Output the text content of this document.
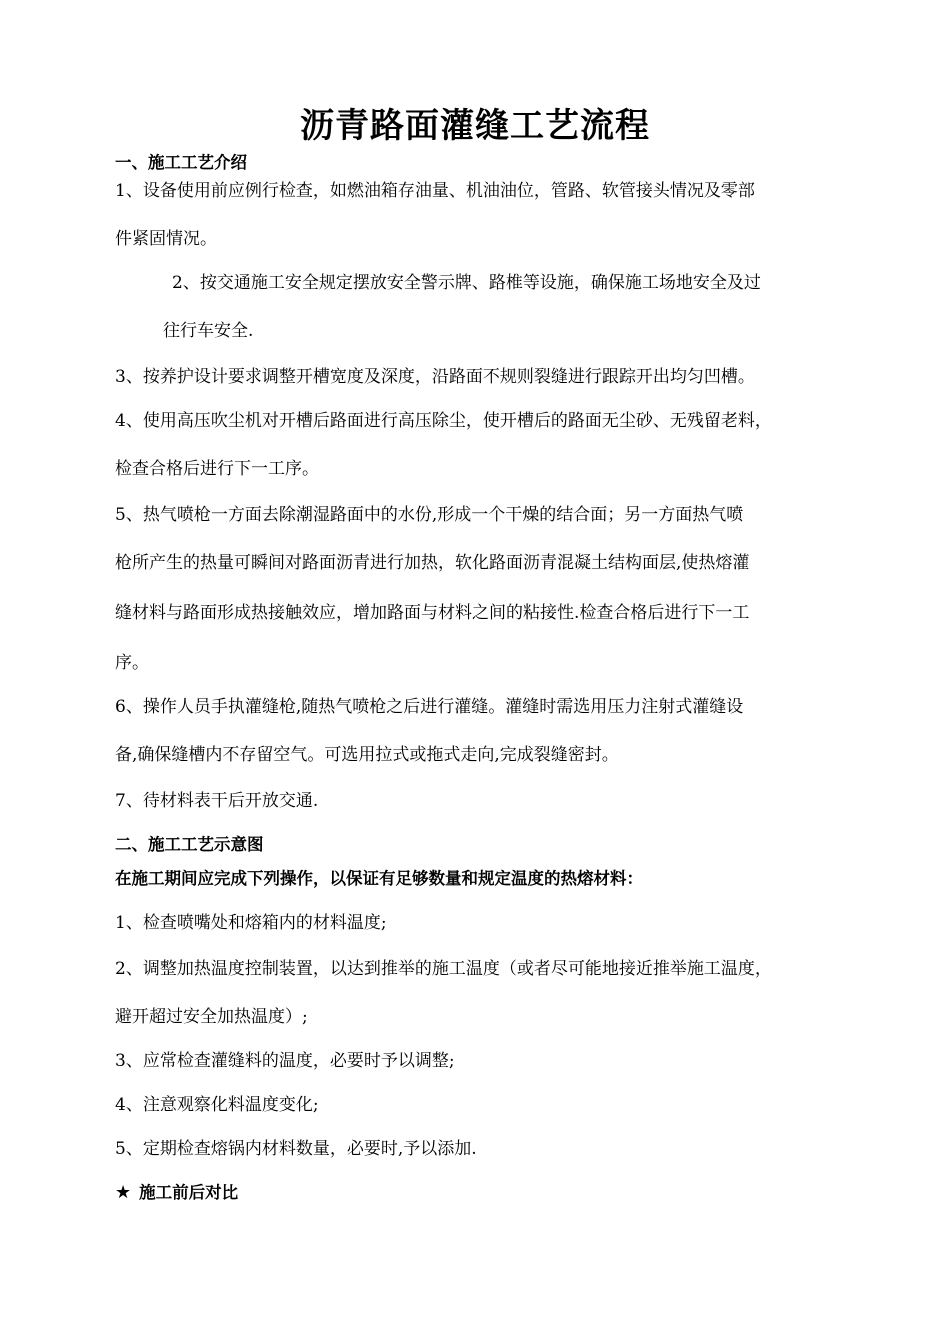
沥青路面灌缝工艺流程
一、施工工艺介绍
1、设备使用前应例行检查，如燃油箱存油量、机油油位，管路、软管接头情况及零部
件紧固情况。
2、按交通施工安全规定摆放安全警示牌、路椎等设施，确保施工场地安全及过
往行车安全.
3、按养护设计要求调整开槽宽度及深度，沿路面不规则裂缝进行跟踪开出均匀凹槽。
4、使用高压吹尘机对开槽后路面进行高压除尘，使开槽后的路面无尘砂、无残留老料，
检查合格后进行下一工序。
5、热气喷枪一方面去除潮湿路面中的水份,形成一个干燥的结合面；另一方面热气喷
枪所产生的热量可瞬间对路面沥青进行加热，软化路面沥青混凝土结构面层,使热熔灌
缝材料与路面形成热接触效应，增加路面与材料之间的粘接性.检查合格后进行下一工
序。
6、操作人员手执灌缝枪,随热气喷枪之后进行灌缝。灌缝时需选用压力注射式灌缝设
备,确保缝槽内不存留空气。可选用拉式或拖式走向,完成裂缝密封。
7、待材料表干后开放交通.
二、施工工艺示意图
在施工期间应完成下列操作，以保证有足够数量和规定温度的热熔材料：
1、检查喷嘴处和熔箱内的材料温度;
2、调整加热温度控制装置，以达到推举的施工温度（或者尽可能地接近推举施工温度，
避开超过安全加热温度）;
3、应常检查灌缝料的温度，必要时予以调整;
4、注意观察化料温度变化;
5、定期检查熔锅内材料数量，必要时,予以添加.
★ 施工前后对比
